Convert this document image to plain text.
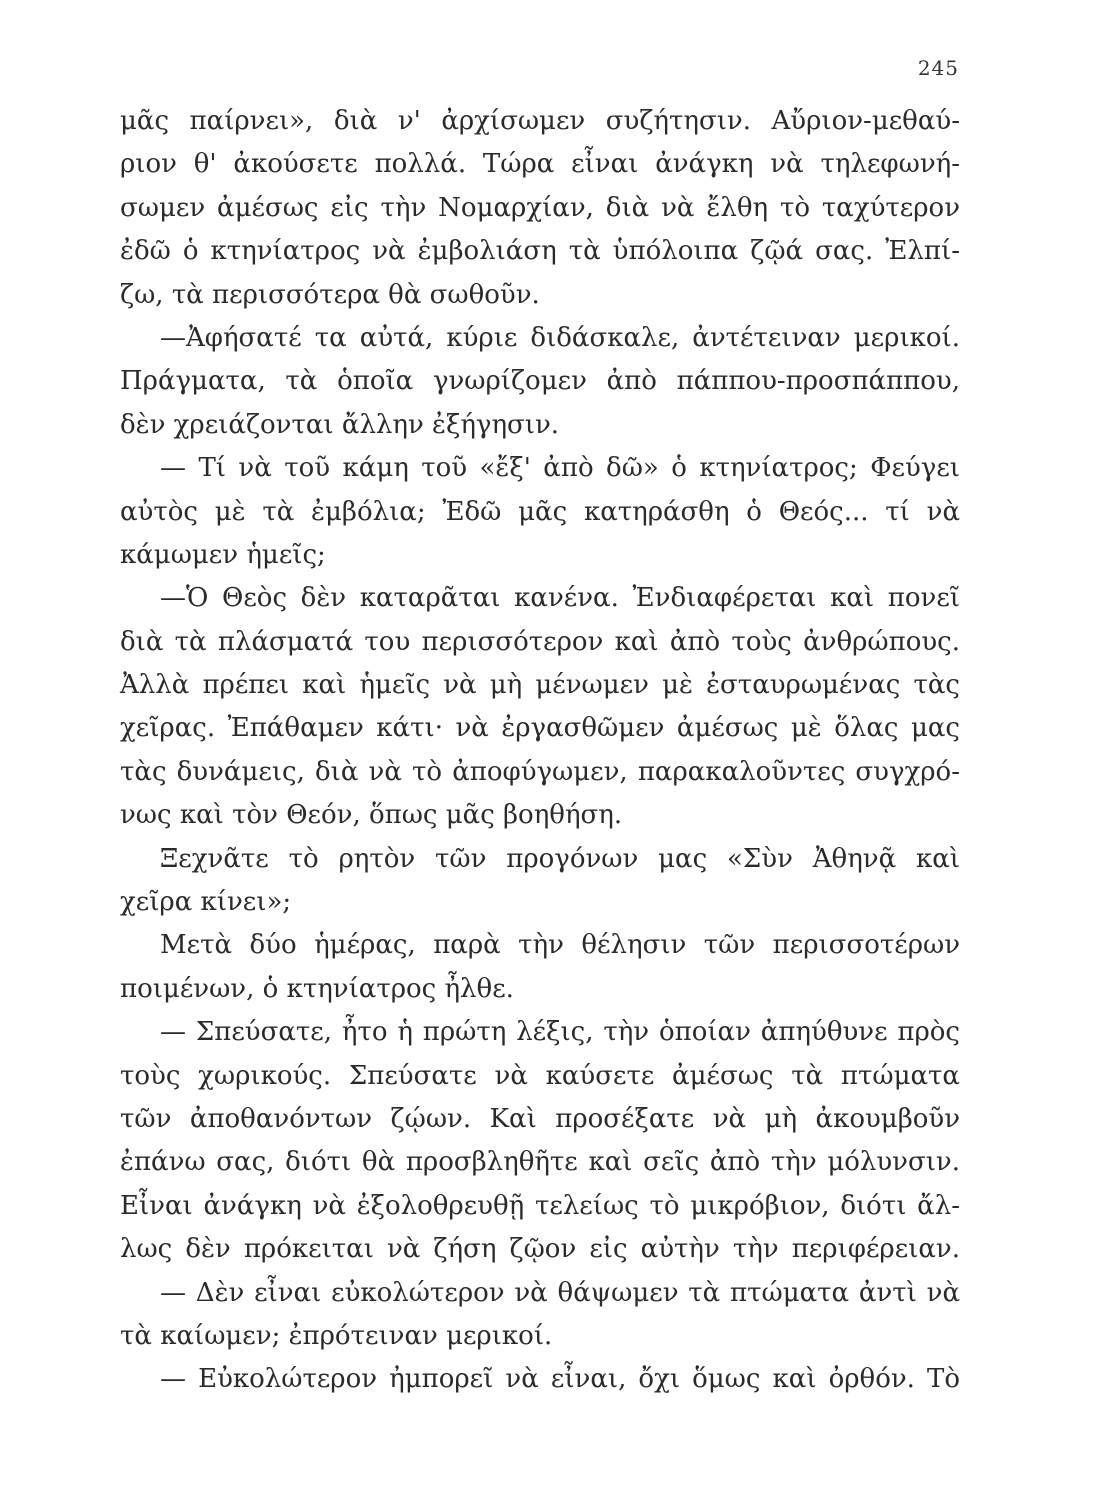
245
μᾶς παίρνει», διὰ ν' ἀρχίσωμεν συζήτησιν. Αὔριον-μεθαύ-
ριον θ' ἀκούσετε πολλά. Τώρα εἶναι ἀνάγκη νὰ τηλεφωνή-
σωμεν ἀμέσως εἰς τὴν Νομαρχίαν, διὰ νὰ ἔλθη τὸ ταχύτερον
ἐδῶ ὁ κτηνίατρος νὰ ἐμβολιάση τὰ ὑπόλοιπα ζῷά σας. Ἐλπί-
ζω, τὰ περισσότερα θὰ σωθοῦν.
—Ἀφήσατέ τα αὐτά, κύριε διδάσκαλε, ἀντέτειναν μερικοί.
Πράγματα, τὰ ὁποῖα γνωρίζομεν ἀπὸ πάππου-προσπάππου,
δὲν χρειάζονται ἄλλην ἐξήγησιν.
— Τί νὰ τοῦ κάμη τοῦ «ἔξ' ἀπὸ δῶ» ὁ κτηνίατρος; Φεύγει
αὐτὸς μὲ τὰ ἐμβόλια; Ἐδῶ μᾶς κατηράσθη ὁ Θεός... τί νὰ
κάμωμεν ἡμεῖς;
—Ὁ Θεὸς δὲν καταρᾶται κανένα. Ἐνδιαφέρεται καὶ πονεῖ
διὰ τὰ πλάσματά του περισσότερον καὶ ἀπὸ τοὺς ἀνθρώπους.
Ἀλλὰ πρέπει καὶ ἡμεῖς νὰ μὴ μένωμεν μὲ ἐσταυρωμένας τὰς
χεῖρας. Ἐπάθαμεν κάτι· νὰ ἐργασθῶμεν ἀμέσως μὲ ὅλας μας
τὰς δυνάμεις, διὰ νὰ τὸ ἀποφύγωμεν, παρακαλοῦντες συγχρό-
νως καὶ τὸν Θεόν, ὅπως μᾶς βοηθήση.
Ξεχνᾶτε τὸ ρητὸν τῶν προγόνων μας «Σὺν Ἀθηνᾷ καὶ
χεῖρα κίνει»;
Μετὰ δύο ἡμέρας, παρὰ τὴν θέλησιν τῶν περισσοτέρων
ποιμένων, ὁ κτηνίατρος ἦλθε.
— Σπεύσατε, ἦτο ἡ πρώτη λέξις, τὴν ὁποίαν ἀπηύθυνε πρὸς
τοὺς χωρικούς. Σπεύσατε νὰ καύσετε ἀμέσως τὰ πτώματα
τῶν ἀποθανόντων ζῴων. Καὶ προσέξατε νὰ μὴ ἀκουμβοῦν
ἐπάνω σας, διότι θὰ προσβληθῆτε καὶ σεῖς ἀπὸ τὴν μόλυνσιν.
Εἶναι ἀνάγκη νὰ ἐξολοθρευθῇ τελείως τὸ μικρόβιον, διότι ἄλ-
λως δὲν πρόκειται νὰ ζήση ζῷον εἰς αὐτὴν τὴν περιφέρειαν.
— Δὲν εἶναι εὐκολώτερον νὰ θάψωμεν τὰ πτώματα ἀντὶ νὰ
τὰ καίωμεν; ἐπρότειναν μερικοί.
— Εὐκολώτερον ἠμπορεῖ νὰ εἶναι, ὄχι ὅμως καὶ ὀρθόν. Τὸ
